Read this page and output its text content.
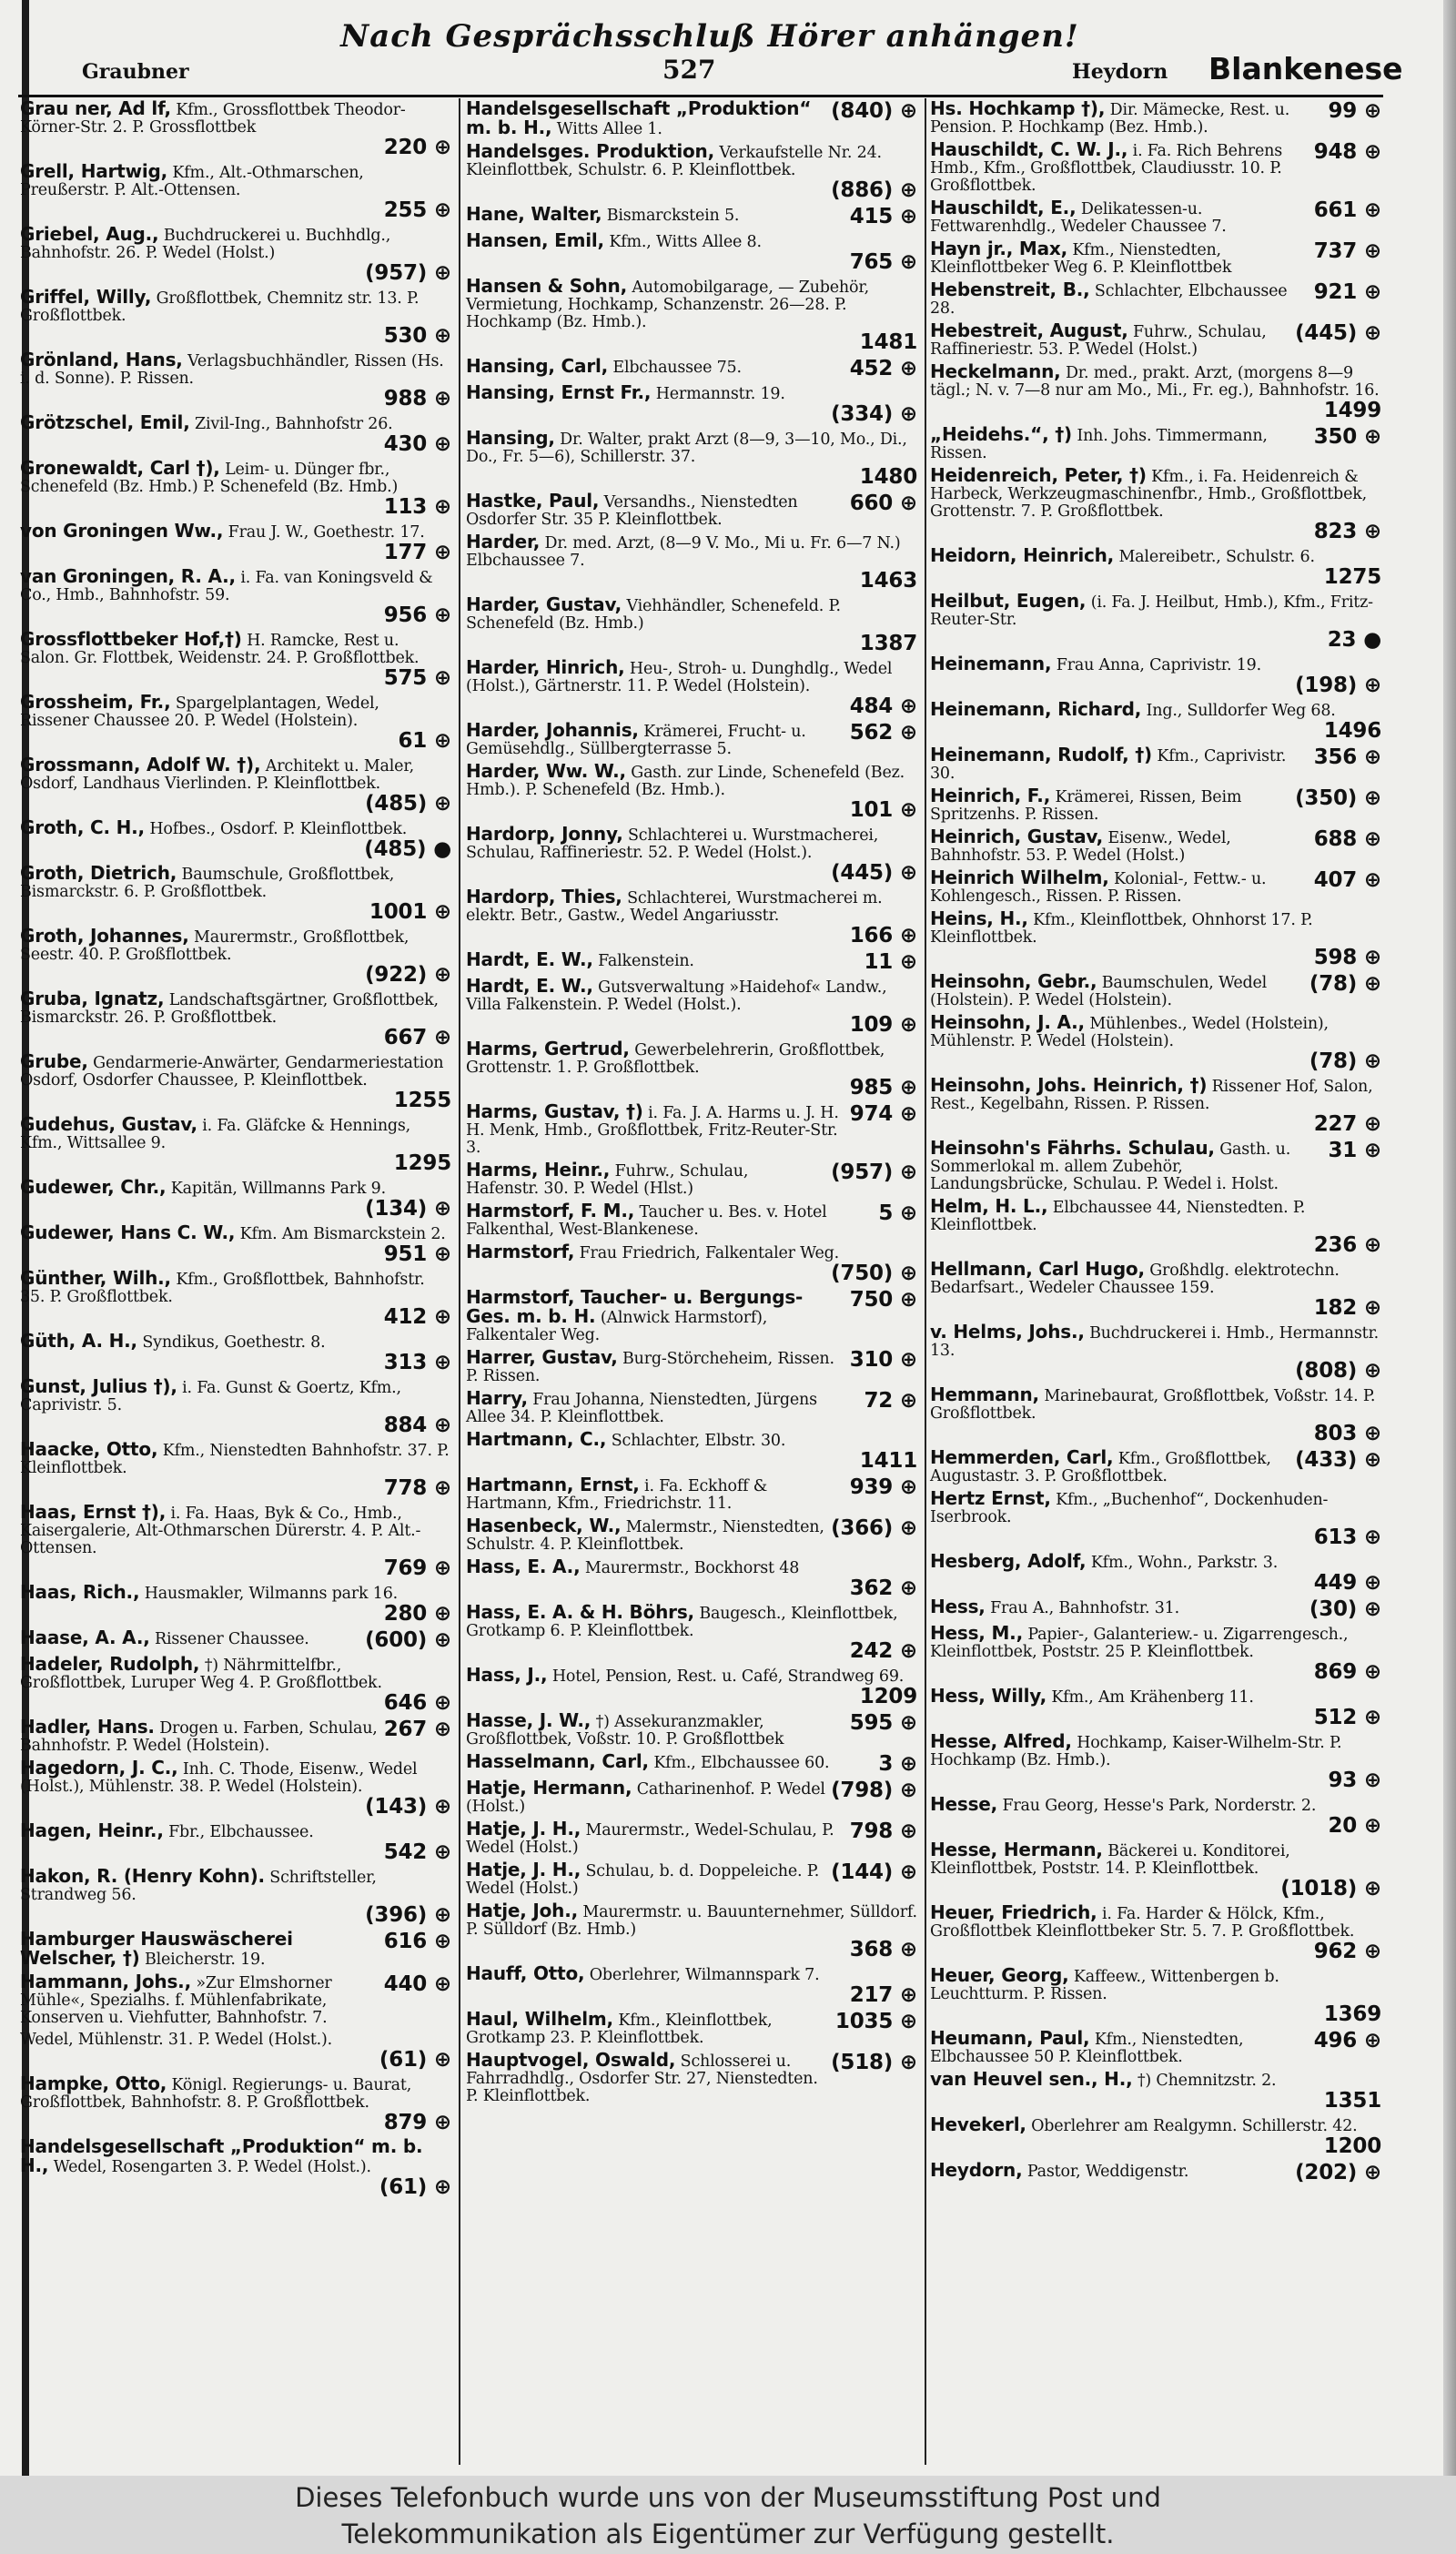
Nach Gesprächsschluß Hörer anhängen!
Graubner	527	Heydorn Blankenese
Grau ner, Ad lf, Kfm., Grossflottbek Theodor-Körner-Str. 2. P. Grossflottbek
220 ⊕
Grell, Hartwig, Kfm., Alt.-Othmarschen, Preußerstr. P. Alt.-Ottensen.
255 ⊕
Griebel, Aug., Buchdruckerei u. Buchhdlg., Bahnhofstr. 26. P. Wedel (Holst.)
(957) ⊕
Griffel, Willy, Großflottbek, Chemnitz str. 13. P. Großflottbek.
530 ⊕
Grönland, Hans, Verlagsbuchhändler, Rissen (Hs. i. d. Sonne). P. Rissen.
988 ⊕
Grötzschel, Emil, Zivil-Ing., Bahnhofstr 26.
430 ⊕
Gronewaldt, Carl †), Leim- u. Dünger fbr., Schenefeld (Bz. Hmb.) P. Schenefeld (Bz. Hmb.)
113 ⊕
von Groningen Ww., Frau J. W., Goethestr. 17.
177 ⊕
van Groningen, R. A., i. Fa. van Koningsveld & Co., Hmb., Bahnhofstr. 59.
956 ⊕
Grossflottbeker Hof,†) H. Ramcke, Rest u. Salon. Gr. Flottbek, Weidenstr. 24. P. Großflottbek.
575 ⊕
Grossheim, Fr., Spargelplantagen, Wedel, Rissener Chaussee 20. P. Wedel (Holstein).
61 ⊕
Grossmann, Adolf W. †), Architekt u. Maler, Osdorf, Landhaus Vierlinden. P. Kleinflottbek.
(485) ⊕
Groth, C. H., Hofbes., Osdorf. P. Kleinflottbek.
(485) ●
Groth, Dietrich, Baumschule, Großflottbek, Bismarckstr. 6. P. Großflottbek.
1001 ⊕
Groth, Johannes, Maurermstr., Großflottbek, Seestr. 40. P. Großflottbek.
(922) ⊕
Gruba, Ignatz, Landschaftsgärtner, Großflottbek, Bismarckstr. 26. P. Großflottbek.
667 ⊕
Grube, Gendarmerie-Anwärter, Gendarmeriestation Osdorf, Osdorfer Chaussee, P. Kleinflottbek.
1255
Gudehus, Gustav, i. Fa. Gläfcke & Hennings, Kfm., Wittsallee 9.
1295
Gudewer, Chr., Kapitän, Willmanns Park 9.
(134) ⊕
Gudewer, Hans C. W., Kfm. Am Bismarckstein 2.
951 ⊕
Günther, Wilh., Kfm., Großflottbek, Bahnhofstr. 35. P. Großflottbek.
412 ⊕
Güth, A. H., Syndikus, Goethestr. 8.
313 ⊕
Gunst, Julius †), i. Fa. Gunst & Goertz, Kfm., Caprivistr. 5.
884 ⊕
Haacke, Otto, Kfm., Nienstedten Bahnhofstr. 37. P. Kleinflottbek.
778 ⊕
Haas, Ernst †), i. Fa. Haas, Byk & Co., Hmb., Kaisergalerie, Alt-Othmarschen Dürerstr. 4. P. Alt.-Ottensen.
769 ⊕
Haas, Rich., Hausmakler, Wilmanns park 16.
280 ⊕
(600) ⊕
Haase, A. A., Rissener Chaussee.
Hadeler, Rudolph, †) Nährmittelfbr., Großflottbek, Luruper Weg 4. P. Großflottbek.
646 ⊕
267 ⊕
Hadler, Hans. Drogen u. Farben, Schulau, Bahnhofstr. P. Wedel (Holstein).
Hagedorn, J. C., Inh. C. Thode, Eisenw., Wedel (Holst.), Mühlenstr. 38. P. Wedel (Holstein).
(143) ⊕
Hagen, Heinr., Fbr., Elbchaussee.
542 ⊕
Hakon, R. (Henry Kohn). Schriftsteller, Strandweg 56.
(396) ⊕
616 ⊕
Hamburger Hauswäscherei Welscher, †) Bleicherstr. 19.
440 ⊕
Hammann, Johs., »Zur Elmshorner Mühle«, Spezialhs. f. Mühlenfabrikate, Konserven u. Viehfutter, Bahnhofstr. 7.
Wedel, Mühlenstr. 31. P. Wedel (Holst.).
(61) ⊕
Hampke, Otto, Königl. Regierungs- u. Baurat, Großflottbek, Bahnhofstr. 8. P. Großflottbek.
879 ⊕
Handelsgesellschaft „Produktion“ m. b. H., Wedel, Rosengarten 3. P. Wedel (Holst.).
(61) ⊕
(840) ⊕
Handelsgesellschaft „Produktion“ m. b. H., Witts Allee 1.
Handelsges. Produktion, Verkaufstelle Nr. 24. Kleinflottbek, Schulstr. 6. P. Kleinflottbek.
(886) ⊕
415 ⊕
Hane, Walter, Bismarckstein 5.
Hansen, Emil, Kfm., Witts Allee 8.
765 ⊕
Hansen & Sohn, Automobilgarage, — Zubehör, Vermietung, Hochkamp, Schanzenstr. 26—28. P. Hochkamp (Bz. Hmb.).
1481
452 ⊕
Hansing, Carl, Elbchaussee 75.
Hansing, Ernst Fr., Hermannstr. 19.
(334) ⊕
Hansing, Dr. Walter, prakt Arzt (8—9, 3—10, Mo., Di., Do., Fr. 5—6), Schillerstr. 37.
1480
660 ⊕
Hastke, Paul, Versandhs., Nienstedten Osdorfer Str. 35 P. Kleinflottbek.
Harder, Dr. med. Arzt, (8—9 V. Mo., Mi u. Fr. 6—7 N.) Elbchaussee 7.
1463
Harder, Gustav, Viehhändler, Schenefeld. P. Schenefeld (Bz. Hmb.)
1387
Harder, Hinrich, Heu-, Stroh- u. Dunghdlg., Wedel (Holst.), Gärtnerstr. 11. P. Wedel (Holstein).
484 ⊕
562 ⊕
Harder, Johannis, Krämerei, Frucht- u. Gemüsehdlg., Süllbergterrasse 5.
Harder, Ww. W., Gasth. zur Linde, Schenefeld (Bez. Hmb.). P. Schenefeld (Bz. Hmb.).
101 ⊕
Hardorp, Jonny, Schlachterei u. Wurstmacherei, Schulau, Raffineriestr. 52. P. Wedel (Holst.).
(445) ⊕
Hardorp, Thies, Schlachterei, Wurstmacherei m. elektr. Betr., Gastw., Wedel Angariusstr.
166 ⊕
11 ⊕
Hardt, E. W., Falkenstein.
Hardt, E. W., Gutsverwaltung »Haidehof« Landw., Villa Falkenstein. P. Wedel (Holst.).
109 ⊕
Harms, Gertrud, Gewerbelehrerin, Großflottbek, Grottenstr. 1. P. Großflottbek.
985 ⊕
974 ⊕
Harms, Gustav, †) i. Fa. J. A. Harms u. J. H. H. Menk, Hmb., Großflottbek, Fritz-Reuter-Str. 3.
(957) ⊕
Harms, Heinr., Fuhrw., Schulau, Hafenstr. 30. P. Wedel (Hlst.)
5 ⊕
Harmstorf, F. M., Taucher u. Bes. v. Hotel Falkenthal, West-Blankenese.
Harmstorf, Frau Friedrich, Falkentaler Weg.
(750) ⊕
750 ⊕
Harmstorf, Taucher- u. Bergungs-Ges. m. b. H. (Alnwick Harmstorf), Falkentaler Weg.
310 ⊕
Harrer, Gustav, Burg-Störcheheim, Rissen. P. Rissen.
72 ⊕
Harry, Frau Johanna, Nienstedten, Jürgens Allee 34. P. Kleinflottbek.
Hartmann, C., Schlachter, Elbstr. 30.
1411
939 ⊕
Hartmann, Ernst, i. Fa. Eckhoff & Hartmann, Kfm., Friedrichstr. 11.
(366) ⊕
Hasenbeck, W., Malermstr., Nienstedten, Schulstr. 4. P. Kleinflottbek.
Hass, E. A., Maurermstr., Bockhorst 48
362 ⊕
Hass, E. A. & H. Böhrs, Baugesch., Kleinflottbek, Grotkamp 6. P. Kleinflottbek.
242 ⊕
Hass, J., Hotel, Pension, Rest. u. Café, Strandweg 69.
1209
595 ⊕
Hasse, J. W., †) Assekuranzmakler, Großflottbek, Voßstr. 10. P. Großflottbek
3 ⊕
Hasselmann, Carl, Kfm., Elbchaussee 60.
(798) ⊕
Hatje, Hermann, Catharinenhof. P. Wedel (Holst.)
798 ⊕
Hatje, J. H., Maurermstr., Wedel-Schulau, P. Wedel (Holst.)
(144) ⊕
Hatje, J. H., Schulau, b. d. Doppeleiche. P. Wedel (Holst.)
Hatje, Joh., Maurermstr. u. Bauunternehmer, Sülldorf. P. Sülldorf (Bz. Hmb.)
368 ⊕
Hauff, Otto, Oberlehrer, Wilmannspark 7.
217 ⊕
1035 ⊕
Haul, Wilhelm, Kfm., Kleinflottbek, Grotkamp 23. P. Kleinflottbek.
(518) ⊕
Hauptvogel, Oswald, Schlosserei u. Fahrradhdlg., Osdorfer Str. 27, Nienstedten. P. Kleinflottbek.
99 ⊕
Hs. Hochkamp †), Dir. Mämecke, Rest. u. Pension. P. Hochkamp (Bez. Hmb.).
948 ⊕
Hauschildt, C. W. J., i. Fa. Rich Behrens Hmb., Kfm., Großflottbek, Claudiusstr. 10. P. Großflottbek.
661 ⊕
Hauschildt, E., Delikatessen-u. Fettwarenhdlg., Wedeler Chaussee 7.
737 ⊕
Hayn jr., Max, Kfm., Nienstedten, Kleinflottbeker Weg 6. P. Kleinflottbek
921 ⊕
Hebenstreit, B., Schlachter, Elbchaussee 28.
(445) ⊕
Hebestreit, August, Fuhrw., Schulau, Raffineriestr. 53. P. Wedel (Holst.)
Heckelmann, Dr. med., prakt. Arzt, (morgens 8—9 tägl.; N. v. 7—8 nur am Mo., Mi., Fr. eg.), Bahnhofstr. 16.
1499
350 ⊕
„Heidehs.“, †) Inh. Johs. Timmermann, Rissen.
Heidenreich, Peter, †) Kfm., i. Fa. Heidenreich & Harbeck, Werkzeugmaschinenfbr., Hmb., Großflottbek, Grottenstr. 7. P. Großflottbek.
823 ⊕
Heidorn, Heinrich, Malereibetr., Schulstr. 6.
1275
Heilbut, Eugen, (i. Fa. J. Heilbut, Hmb.), Kfm., Fritz-Reuter-Str.
23 ●
Heinemann, Frau Anna, Caprivistr. 19.
(198) ⊕
Heinemann, Richard, Ing., Sulldorfer Weg 68.
1496
356 ⊕
Heinemann, Rudolf, †) Kfm., Caprivistr. 30.
(350) ⊕
Heinrich, F., Krämerei, Rissen, Beim Spritzenhs. P. Rissen.
688 ⊕
Heinrich, Gustav, Eisenw., Wedel, Bahnhofstr. 53. P. Wedel (Holst.)
407 ⊕
Heinrich Wilhelm, Kolonial-, Fettw.- u. Kohlengesch., Rissen. P. Rissen.
Heins, H., Kfm., Kleinflottbek, Ohnhorst 17. P. Kleinflottbek.
598 ⊕
(78) ⊕
Heinsohn, Gebr., Baumschulen, Wedel (Holstein). P. Wedel (Holstein).
Heinsohn, J. A., Mühlenbes., Wedel (Holstein), Mühlenstr. P. Wedel (Holstein).
(78) ⊕
Heinsohn, Johs. Heinrich, †) Rissener Hof, Salon, Rest., Kegelbahn, Rissen. P. Rissen.
227 ⊕
31 ⊕
Heinsohn's Fährhs. Schulau, Gasth. u. Sommerlokal m. allem Zubehör, Landungsbrücke, Schulau. P. Wedel i. Holst.
Helm, H. L., Elbchaussee 44, Nienstedten. P. Kleinflottbek.
236 ⊕
Hellmann, Carl Hugo, Großhdlg. elektrotechn. Bedarfsart., Wedeler Chaussee 159.
182 ⊕
v. Helms, Johs., Buchdruckerei i. Hmb., Hermannstr. 13.
(808) ⊕
Hemmann, Marinebaurat, Großflottbek, Voßstr. 14. P. Großflottbek.
803 ⊕
(433) ⊕
Hemmerden, Carl, Kfm., Großflottbek, Augustastr. 3. P. Großflottbek.
Hertz Ernst, Kfm., „Buchenhof“, Dockenhuden-Iserbrook.
613 ⊕
Hesberg, Adolf, Kfm., Wohn., Parkstr. 3.
449 ⊕
(30) ⊕
Hess, Frau A., Bahnhofstr. 31.
Hess, M., Papier-, Galanteriew.- u. Zigarrengesch., Kleinflottbek, Poststr. 25 P. Kleinflottbek.
869 ⊕
Hess, Willy, Kfm., Am Krähenberg 11.
512 ⊕
Hesse, Alfred, Hochkamp, Kaiser-Wilhelm-Str. P. Hochkamp (Bz. Hmb.).
93 ⊕
Hesse, Frau Georg, Hesse's Park, Norderstr. 2.
20 ⊕
Hesse, Hermann, Bäckerei u. Konditorei, Kleinflottbek, Poststr. 14. P. Kleinflottbek.
(1018) ⊕
Heuer, Friedrich, i. Fa. Harder & Hölck, Kfm., Großflottbek Kleinflottbeker Str. 5. 7. P. Großflottbek.
962 ⊕
Heuer, Georg, Kaffeew., Wittenbergen b. Leuchtturm. P. Rissen.
1369
496 ⊕
Heumann, Paul, Kfm., Nienstedten, Elbchaussee 50 P. Kleinflottbek.
van Heuvel sen., H., †) Chemnitzstr. 2.
1351
Hevekerl, Oberlehrer am Realgymn. Schillerstr. 42.
1200
(202) ⊕
Heydorn, Pastor, Weddigenstr.
Dieses Telefonbuch wurde uns von der Museumsstiftung Post und
Telekommunikation als Eigentümer zur Verfügung gestellt.
